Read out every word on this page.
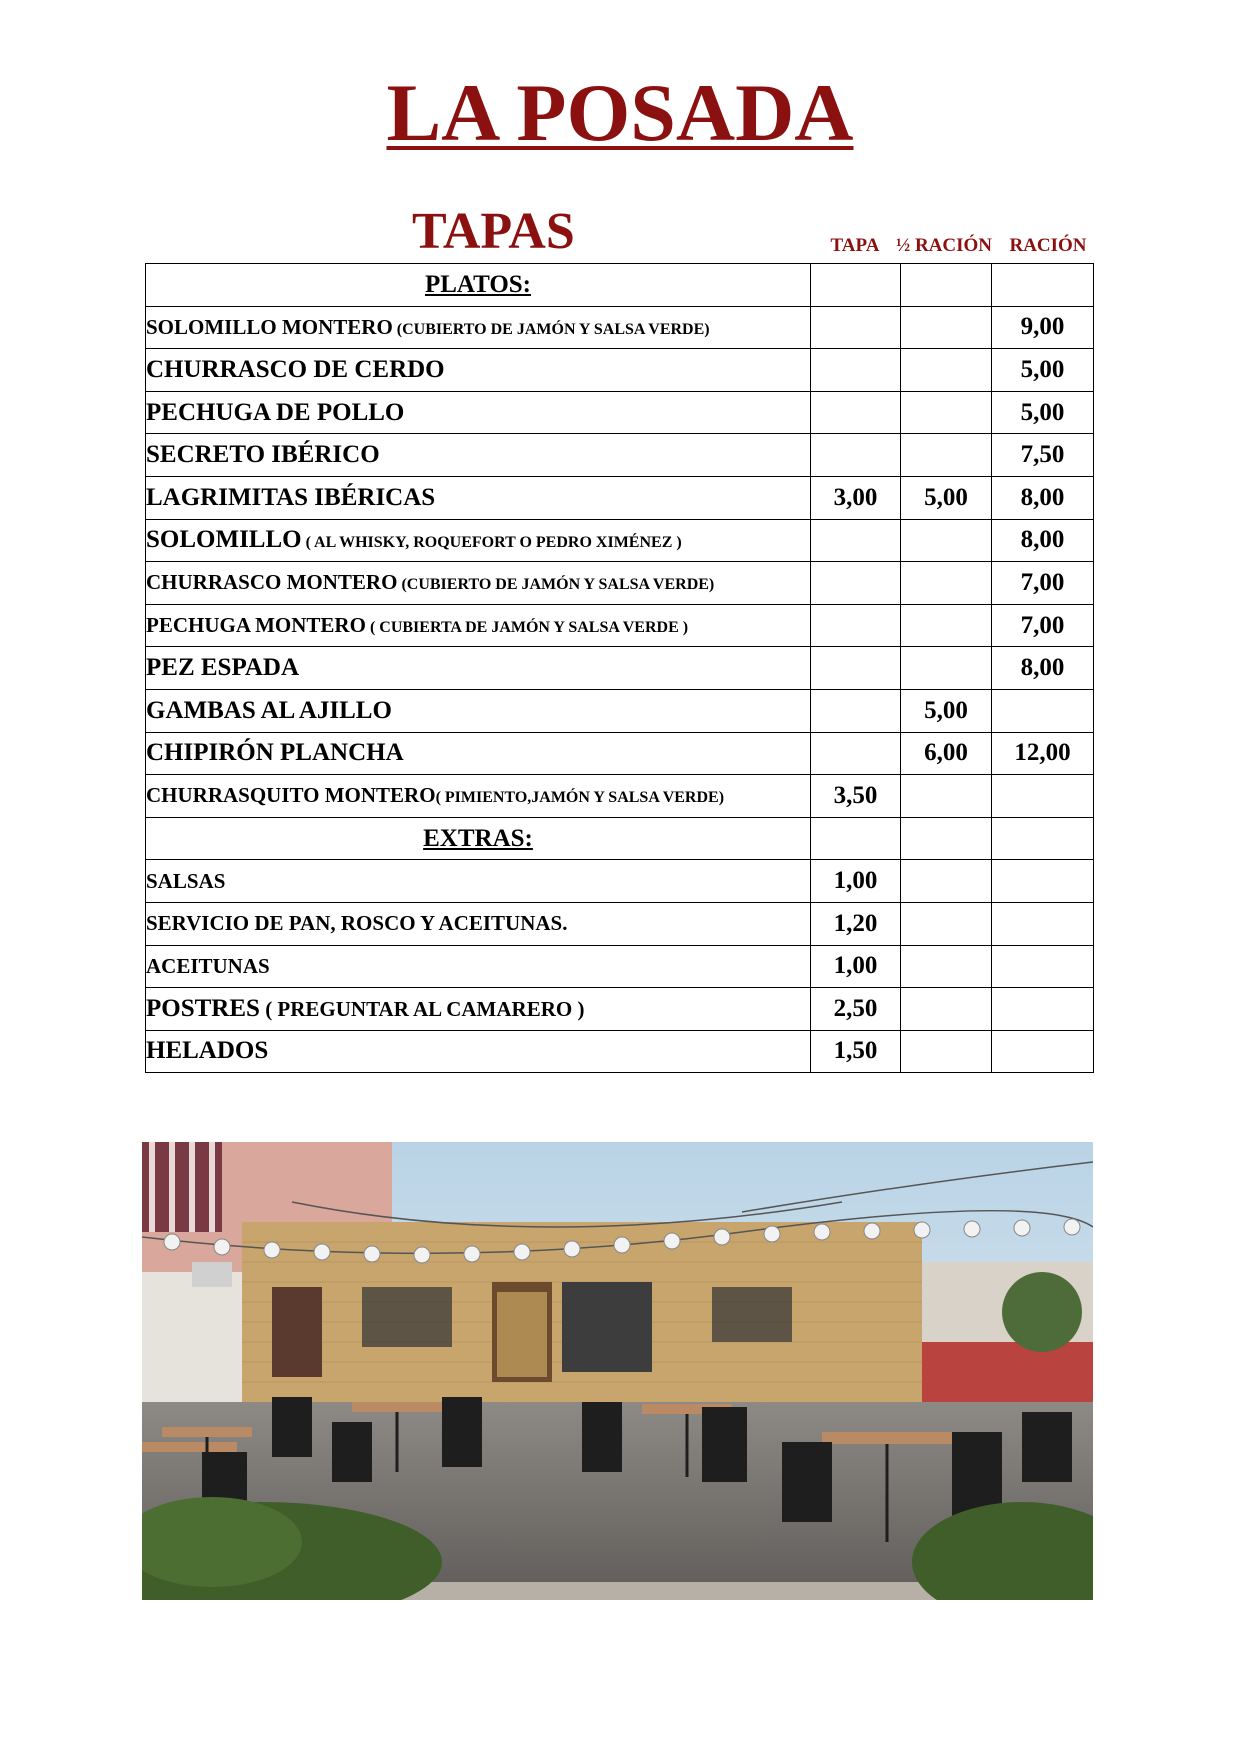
LA POSADA
TAPAS	TAPA ½ RACIÓN RACIÓN
PLATOS:			
SOLOMILLO MONTERO (CUBIERTO DE JAMÓN Y SALSA VERDE)			9,00
CHURRASCO DE CERDO			5,00
PECHUGA DE POLLO			5,00
SECRETO IBÉRICO			7,50
LAGRIMITAS IBÉRICAS	3,00	5,00	8,00
SOLOMILLO ( AL WHISKY, ROQUEFORT O PEDRO XIMÉNEZ )			8,00
CHURRASCO MONTERO (CUBIERTO DE JAMÓN Y SALSA VERDE)			7,00
PECHUGA MONTERO ( CUBIERTA DE JAMÓN Y SALSA VERDE )			7,00
PEZ ESPADA			8,00
GAMBAS AL AJILLO		5,00	
CHIPIRÓN PLANCHA		6,00	12,00
CHURRASQUITO MONTERO( PIMIENTO,JAMÓN Y SALSA VERDE)	3,50		
EXTRAS:			
SALSAS	1,00		
SERVICIO DE PAN, ROSCO Y ACEITUNAS.	1,20		
ACEITUNAS	1,00		
POSTRES ( PREGUNTAR AL CAMARERO )	2,50		
HELADOS	1,50		
